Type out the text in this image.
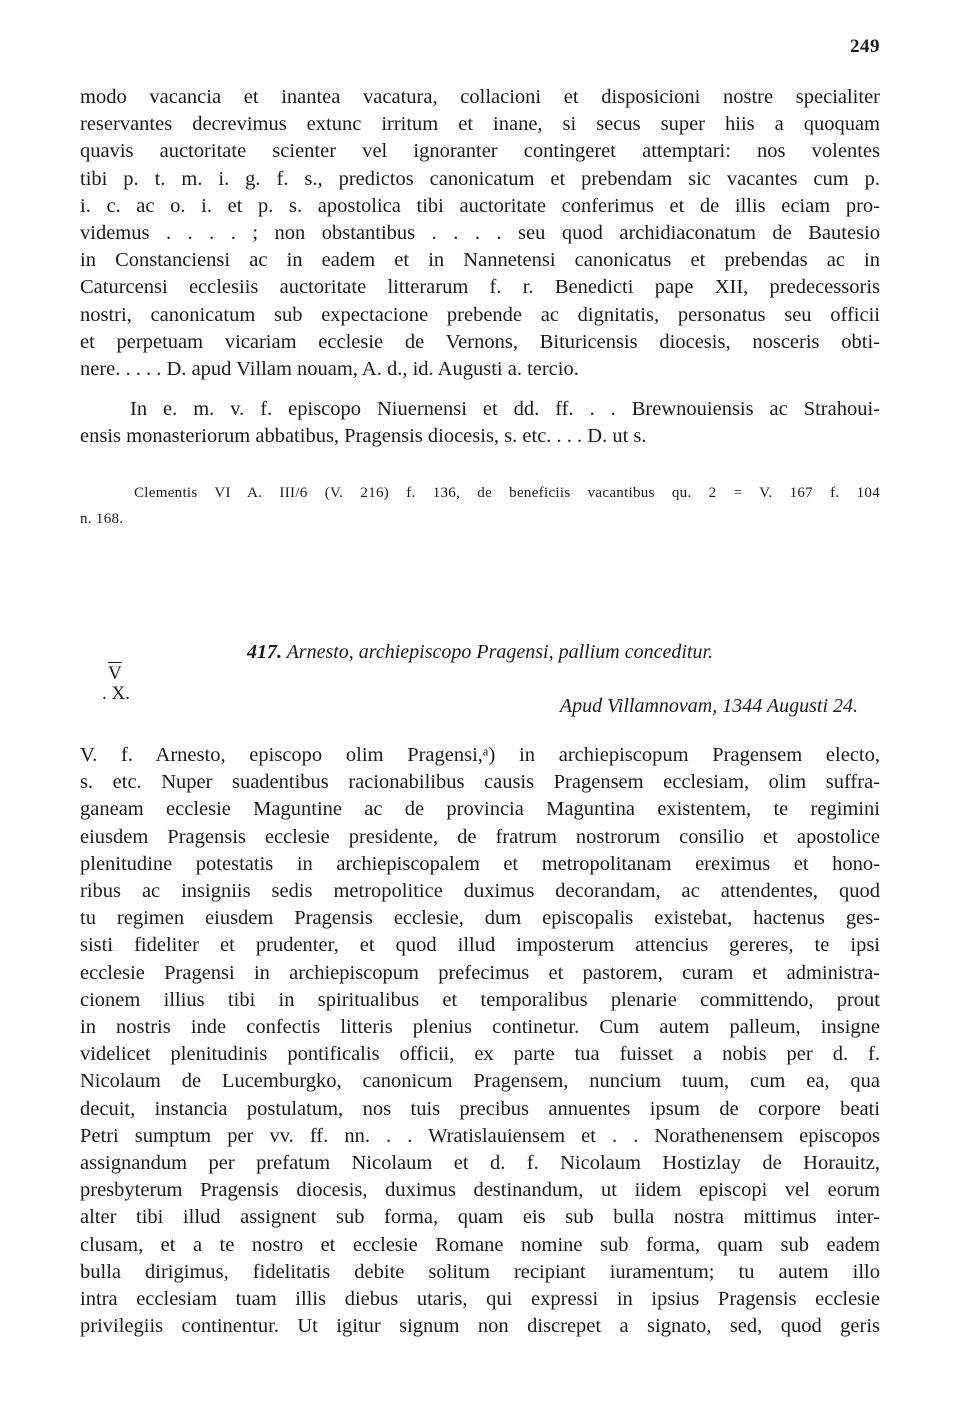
249
modo vacancia et inantea vacatura, collacioni et disposicioni nostre specialiter
reservantes decrevimus extunc irritum et inane, si secus super hiis a quoquam
quavis auctoritate scienter vel ignoranter contingeret attemptari: nos volentes
tibi p. t. m. i. g. f. s., predictos canonicatum et prebendam sic vacantes cum p.
i. c. ac o. i. et p. s. apostolica tibi auctoritate conferimus et de illis eciam pro-
videmus . . . . ; non obstantibus . . . . seu quod archidiaconatum de Bautesio
in Constanciensi ac in eadem et in Nannetensi canonicatus et prebendas ac in
Caturcensi ecclesiis auctoritate litterarum f. r. Benedicti pape XII, predecessoris
nostri, canonicatum sub expectacione prebende ac dignitatis, personatus seu officii
et perpetuam vicariam ecclesie de Vernons, Bituricensis diocesis, nosceris obti-
nere. . . . . D. apud Villam nouam, A. d., id. Augusti a. tercio.
In e. m. v. f. episcopo Niuernensi et dd. ff. . . Brewnouiensis ac Strahoui-
ensis monasteriorum abbatibus, Pragensis diocesis, s. etc. . . . D. ut s.
Clementis VI A. III/6 (V. 216) f. 136, de beneficiis vacantibus qu. 2 = V. 167 f. 104
n. 168.
417. Arnesto, archiepiscopo Pragensi, pallium conceditur.
$\overline{V}$
. X.
Apud Villamnovam, 1344 Augusti 24.
V. f. Arnesto, episcopo olim Pragensi,ᵃ) in archiepiscopum Pragensem electo,
s. etc. Nuper suadentibus racionabilibus causis Pragensem ecclesiam, olim suffra-
ganeam ecclesie Maguntine ac de provincia Maguntina existentem, te regimini
eiusdem Pragensis ecclesie presidente, de fratrum nostrorum consilio et apostolice
plenitudine potestatis in archiepiscopalem et metropolitanam ereximus et hono-
ribus ac insigniis sedis metropolitice duximus decorandam, ac attendentes, quod
tu regimen eiusdem Pragensis ecclesie, dum episcopalis existebat, hactenus ges-
sisti fideliter et prudenter, et quod illud imposterum attencius gereres, te ipsi
ecclesie Pragensi in archiepiscopum prefecimus et pastorem, curam et administra-
cionem illius tibi in spiritualibus et temporalibus plenarie committendo, prout
in nostris inde confectis litteris plenius continetur. Cum autem palleum, insigne
videlicet plenitudinis pontificalis officii, ex parte tua fuisset a nobis per d. f.
Nicolaum de Lucemburgko, canonicum Pragensem, nuncium tuum, cum ea, qua
decuit, instancia postulatum, nos tuis precibus annuentes ipsum de corpore beati
Petri sumptum per vv. ff. nn. . . Wratislauiensem et . . Norathenensem episcopos
assignandum per prefatum Nicolaum et d. f. Nicolaum Hostizlay de Horauitz,
presbyterum Pragensis diocesis, duximus destinandum, ut iidem episcopi vel eorum
alter tibi illud assignent sub forma, quam eis sub bulla nostra mittimus inter-
clusam, et a te nostro et ecclesie Romane nomine sub forma, quam sub eadem
bulla dirigimus, fidelitatis debite solitum recipiant iuramentum; tu autem illo
intra ecclesiam tuam illis diebus utaris, qui expressi in ipsius Pragensis ecclesie
privilegiis continentur. Ut igitur signum non discrepet a signato, sed, quod geris
